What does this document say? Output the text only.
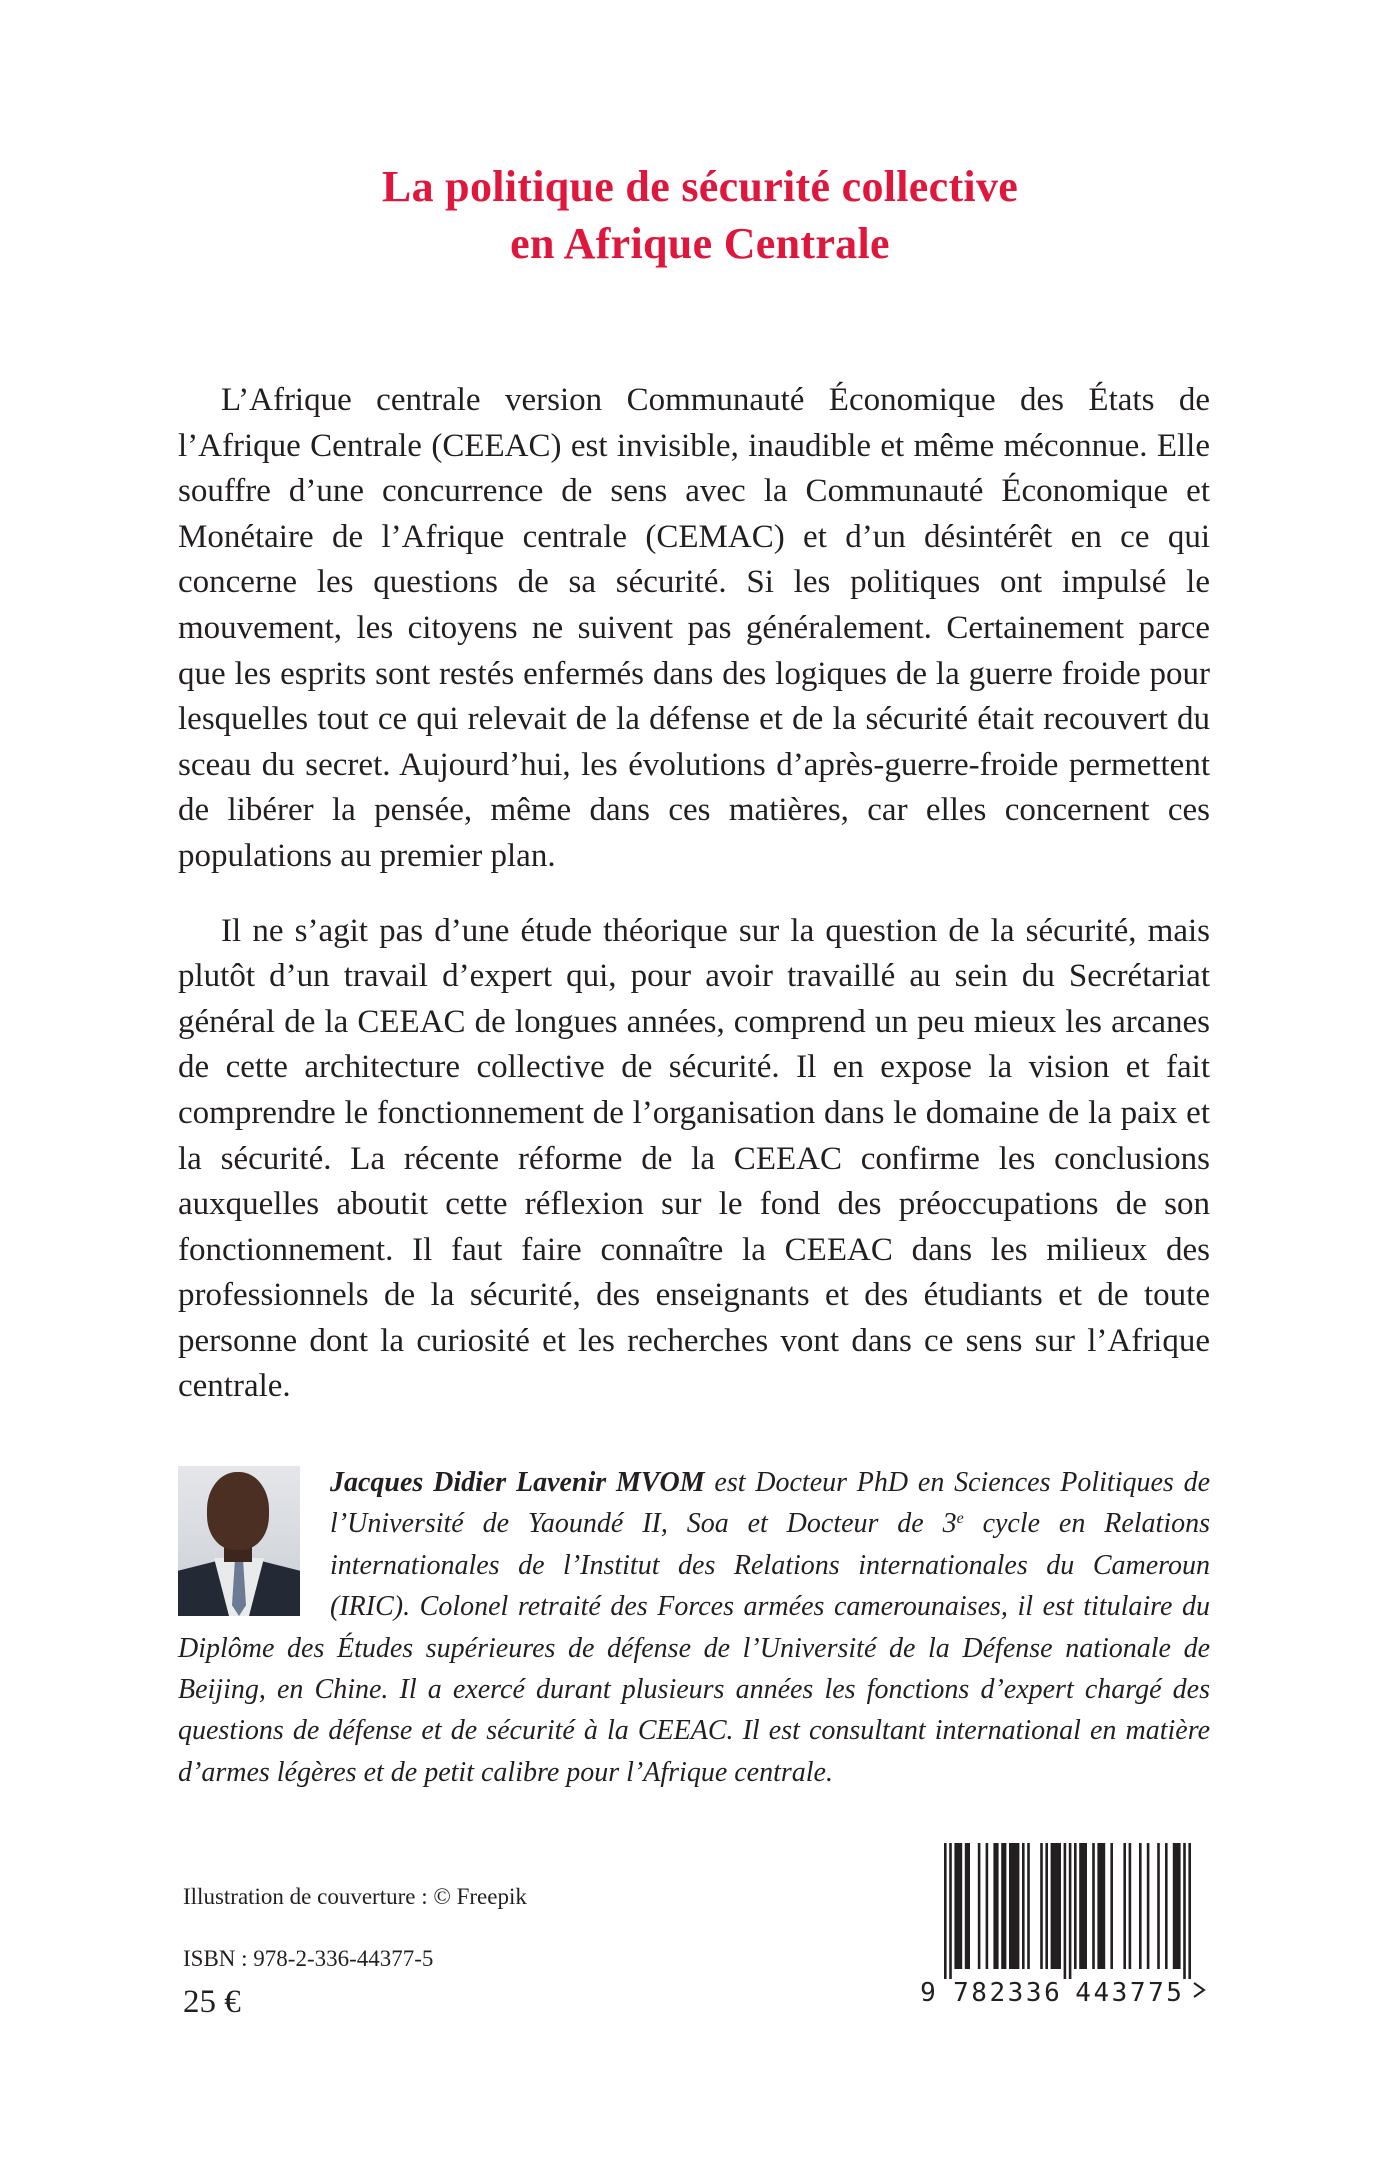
La politique de sécurité collective
en Afrique Centrale

L’Afrique centrale version Communauté Économique des États de l’Afrique Centrale (CEEAC) est invisible, inaudible et même méconnue. Elle souffre d’une concurrence de sens avec la Communauté Économique et Monétaire de l’Afrique centrale (CEMAC) et d’un désintérêt en ce qui concerne les questions de sa sécurité. Si les politiques ont impulsé le mouvement, les citoyens ne suivent pas généralement. Certainement parce que les esprits sont restés enfermés dans des logiques de la guerre froide pour lesquelles tout ce qui relevait de la défense et de la sécurité était recouvert du sceau du secret. Aujourd’hui, les évolutions d’après-guerre-froide permettent de libérer la pensée, même dans ces matières, car elles concernent ces populations au premier plan.

Il ne s’agit pas d’une étude théorique sur la question de la sécurité, mais plutôt d’un travail d’expert qui, pour avoir travaillé au sein du Secrétariat général de la CEEAC de longues années, comprend un peu mieux les arcanes de cette architecture collective de sécurité. Il en expose la vision et fait comprendre le fonctionnement de l’organisation dans le domaine de la paix et la sécurité. La récente réforme de la CEEAC confirme les conclusions auxquelles aboutit cette réflexion sur le fond des préoccupations de son fonctionnement. Il faut faire connaître la CEEAC dans les milieux des professionnels de la sécurité, des enseignants et des étudiants et de toute personne dont la curiosité et les recherches vont dans ce sens sur l’Afrique centrale.

Jacques Didier Lavenir MVOM est Docteur PhD en Sciences Politiques de l’Université de Yaoundé II, Soa et Docteur de 3e cycle en Relations internationales de l’Institut des Relations internationales du Cameroun (IRIC). Colonel retraité des Forces armées camerounaises, il est titulaire du Diplôme des Études supérieures de défense de l’Université de la Défense nationale de Beijing, en Chine. Il a exercé durant plusieurs années les fonctions d’expert chargé des questions de défense et de sécurité à la CEEAC. Il est consultant international en matière d’armes légères et de petit calibre pour l’Afrique centrale.
Illustration de couverture : © Freepik
ISBN : 978-2-336-44377-5
25 €	9 7 8 2 3 3 6 4 4 3 7 7 5
